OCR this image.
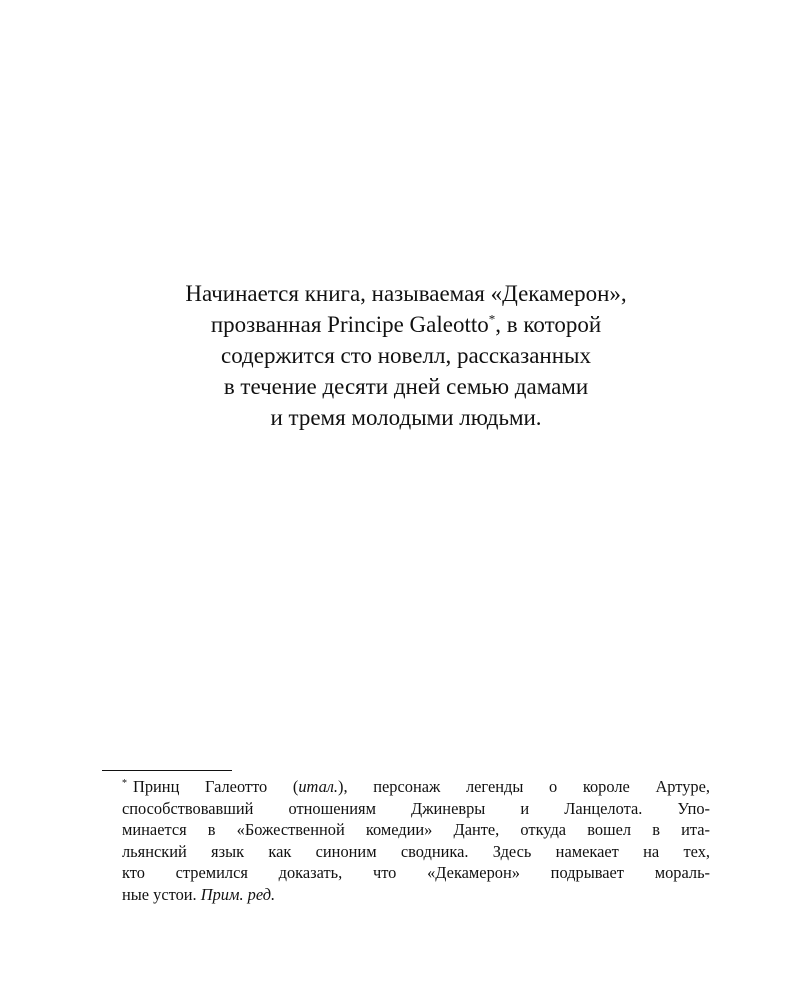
Начинается книга, называемая «Декамерон»,
прозванная Principe Galeotto*, в которой
содержится сто новелл, рассказанных
в течение десяти дней семью дамами
и тремя молодыми людьми.
* Принц Галеотто (итал.), персонаж легенды о короле Артуре,
способствовавший отношениям Джиневры и Ланцелота. Упо-
минается в «Божественной комедии» Данте, откуда вошел в ита-
льянский язык как синоним сводника. Здесь намекает на тех,
кто стремился доказать, что «Декамерон» подрывает мораль-
ные устои. Прим. ред.
